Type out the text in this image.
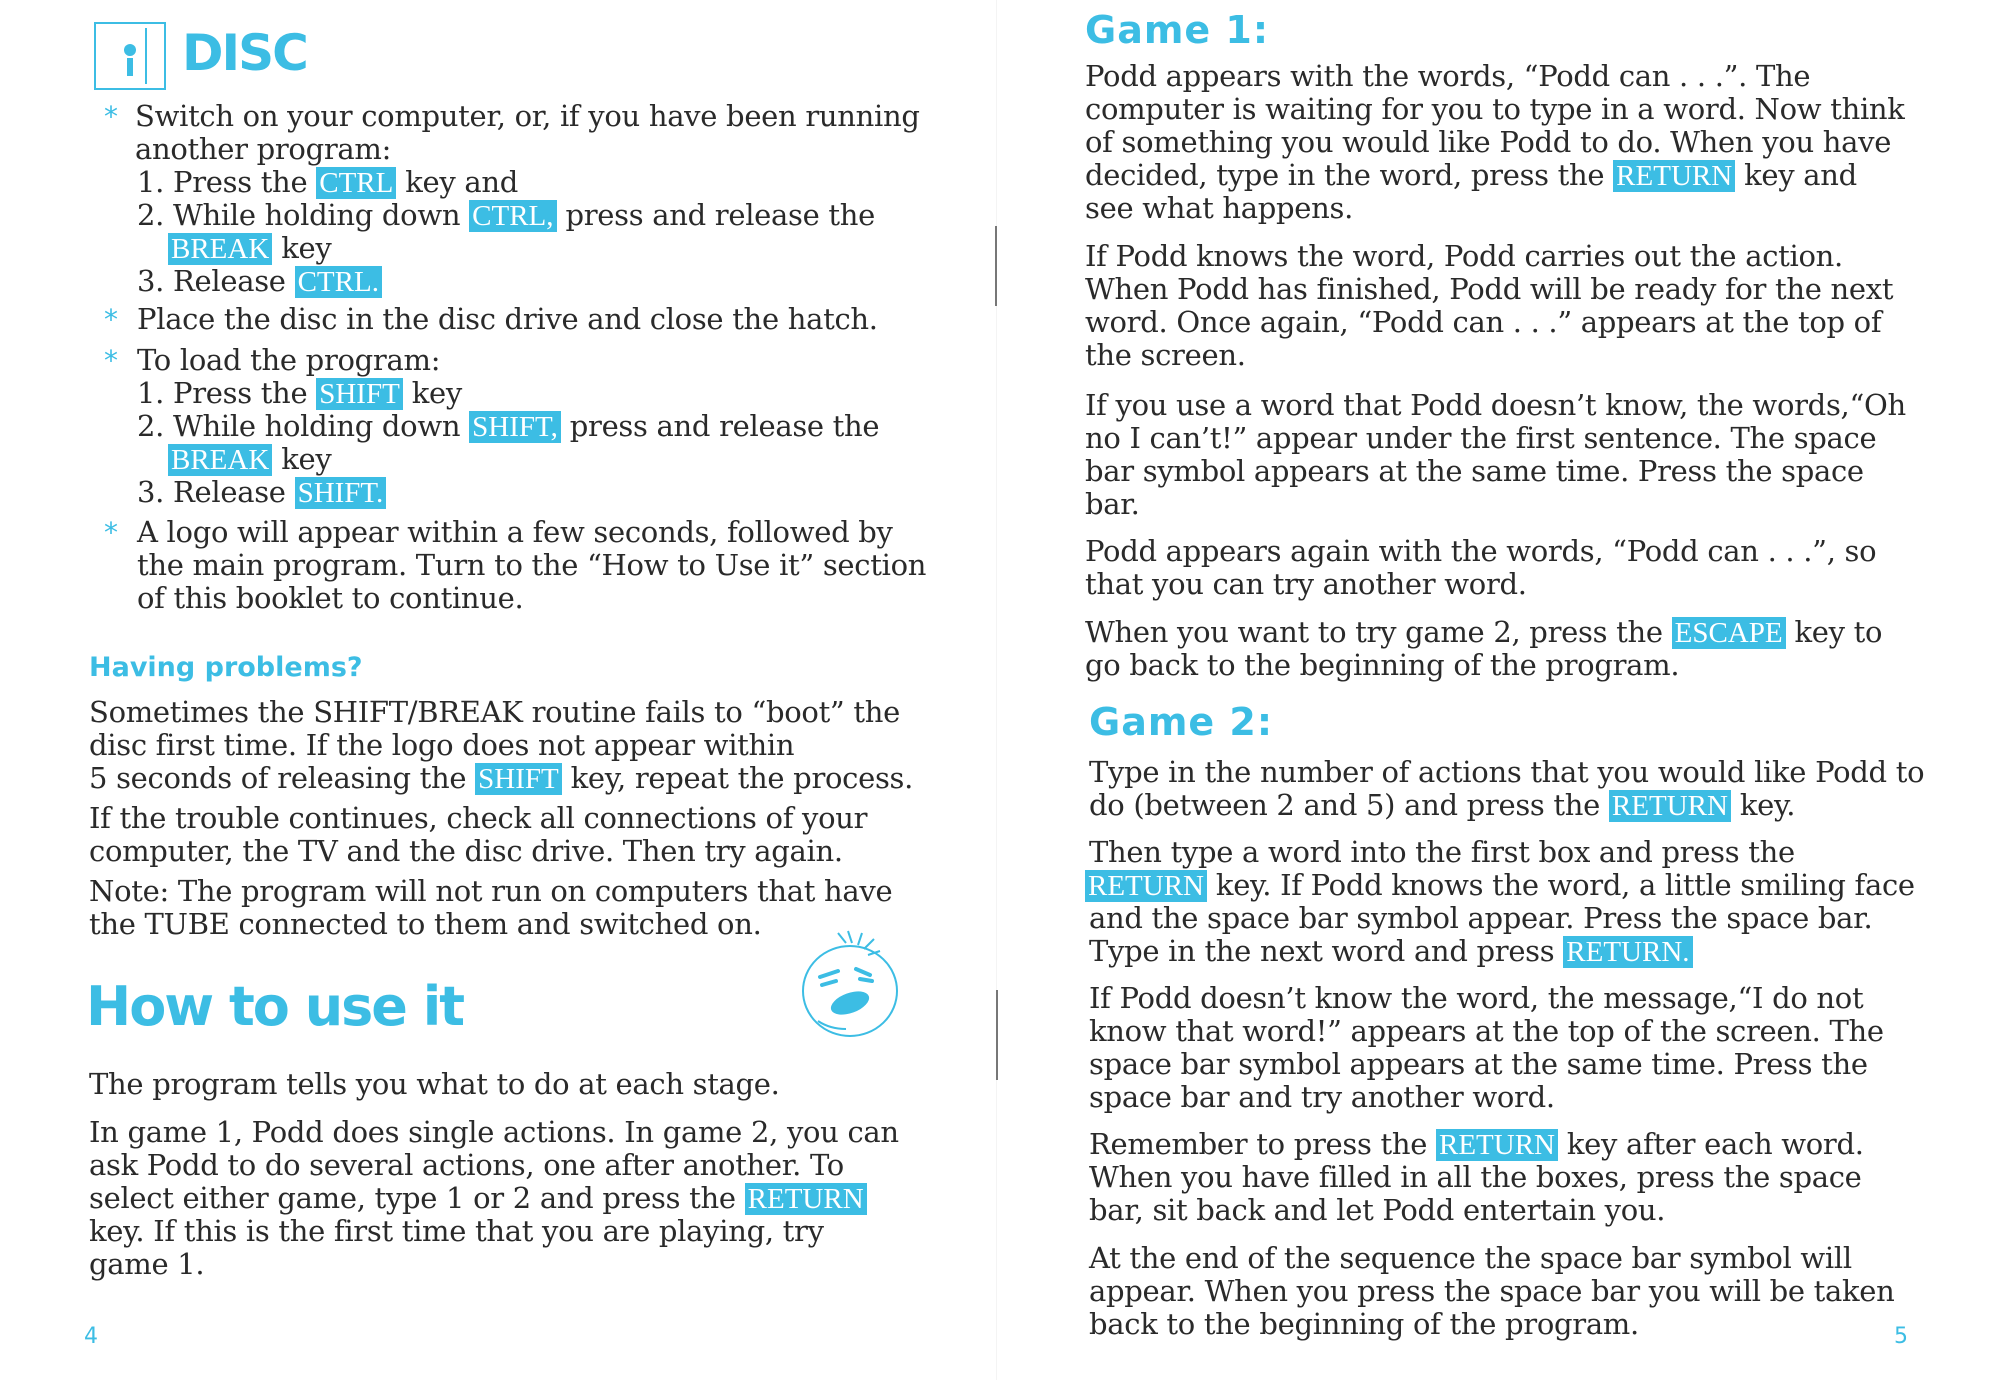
DISC
* Switch on your computer, or, if you have been running
another program:
1. Press the CTRL key and
2. While holding down CTRL, press and release the
BREAK key
3. Release CTRL.
* Place the disc in the disc drive and close the hatch.
* To load the program:
1. Press the SHIFT key
2. While holding down SHIFT, press and release the
BREAK key
3. Release SHIFT.
* A logo will appear within a few seconds, followed by
the main program. Turn to the “How to Use it” section
of this booklet to continue.
Having problems?
Sometimes the SHIFT/BREAK routine fails to “boot” the
disc first time. If the logo does not appear within
5 seconds of releasing the SHIFT key, repeat the process.
If the trouble continues, check all connections of your
computer, the TV and the disc drive. Then try again.
Note: The program will not run on computers that have
the TUBE connected to them and switched on.
How to use it
The program tells you what to do at each stage.
In game 1, Podd does single actions. In game 2, you can
ask Podd to do several actions, one after another. To
select either game, type 1 or 2 and press the RETURN
key. If this is the first time that you are playing, try
game 1.
4
Game 1:
Podd appears with the words, “Podd can . . .”. The
computer is waiting for you to type in a word. Now think
of something you would like Podd to do. When you have
decided, type in the word, press the RETURN key and
see what happens.
If Podd knows the word, Podd carries out the action.
When Podd has finished, Podd will be ready for the next
word. Once again, “Podd can . . .” appears at the top of
the screen.
If you use a word that Podd doesn’t know, the words,“Oh
no I can’t!” appear under the first sentence. The space
bar symbol appears at the same time. Press the space
bar.
Podd appears again with the words, “Podd can . . .”, so
that you can try another word.
When you want to try game 2, press the ESCAPE key to
go back to the beginning of the program.
Game 2:
Type in the number of actions that you would like Podd to
do (between 2 and 5) and press the RETURN key.
Then type a word into the first box and press the
RETURN key. If Podd knows the word, a little smiling face
and the space bar symbol appear. Press the space bar.
Type in the next word and press RETURN.
If Podd doesn’t know the word, the message,“I do not
know that word!” appears at the top of the screen. The
space bar symbol appears at the same time. Press the
space bar and try another word.
Remember to press the RETURN key after each word.
When you have filled in all the boxes, press the space
bar, sit back and let Podd entertain you.
At the end of the sequence the space bar symbol will
appear. When you press the space bar you will be taken
back to the beginning of the program.	5
